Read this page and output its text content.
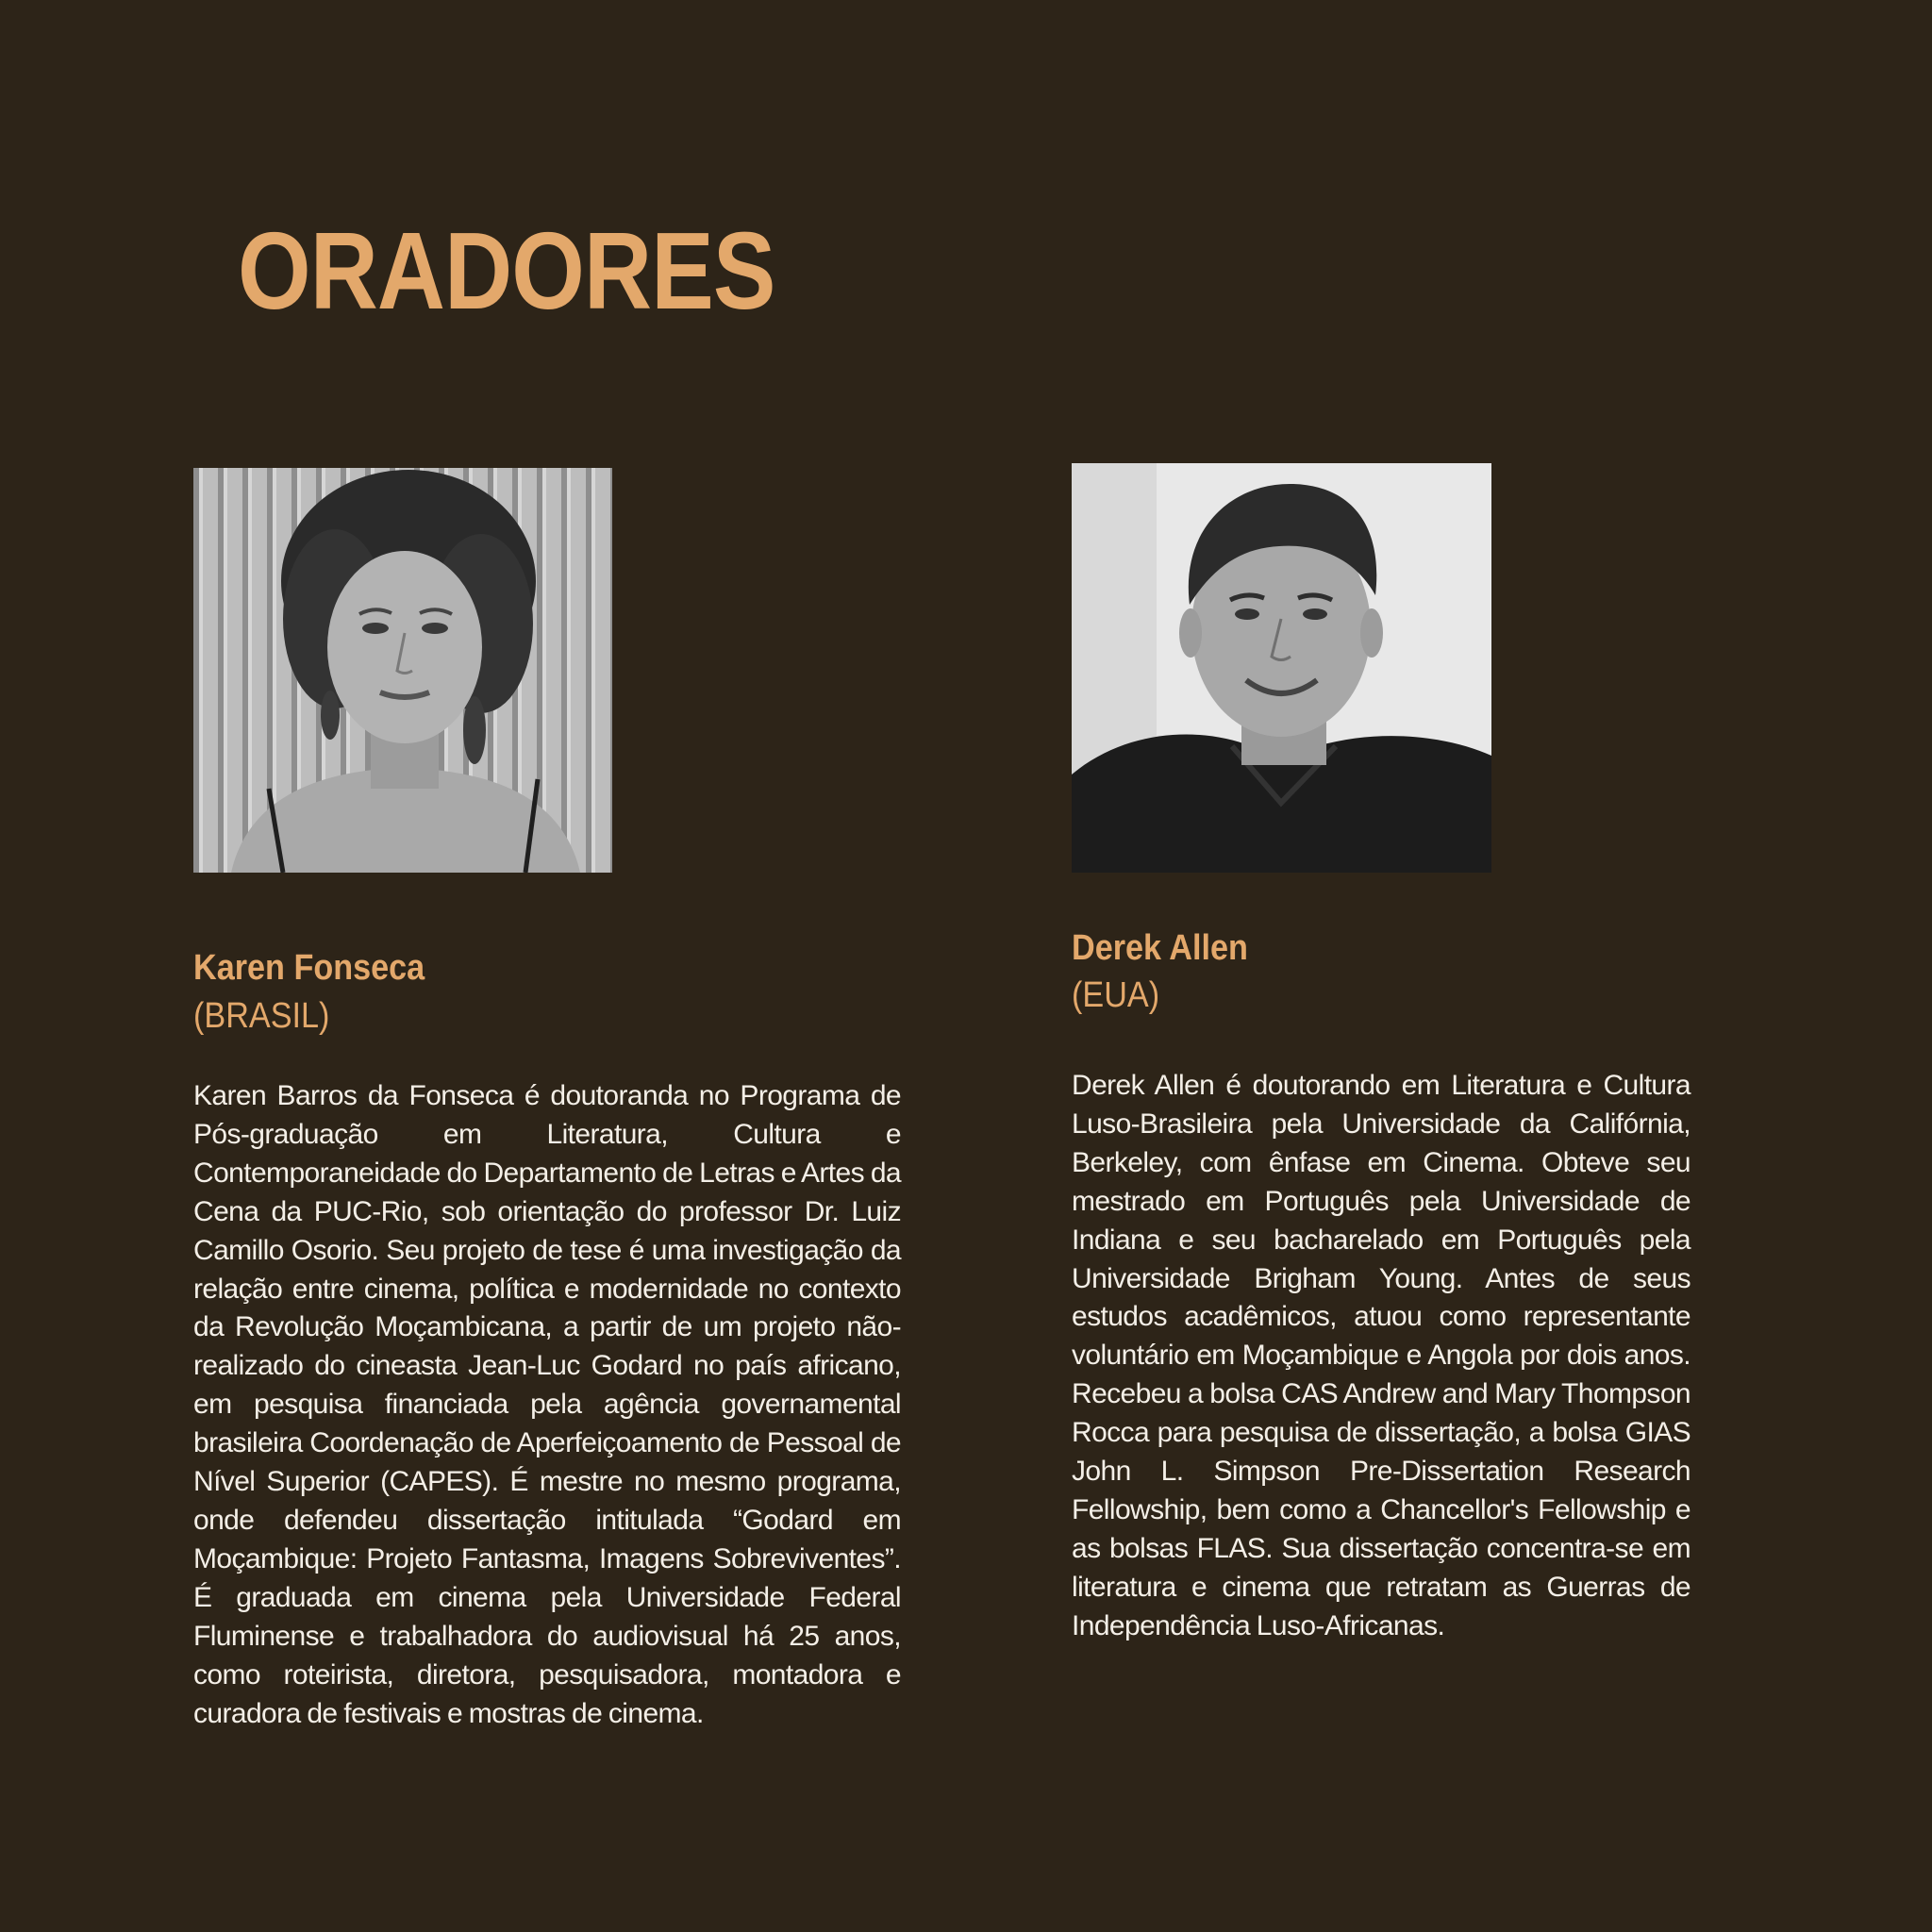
ORADORES

Karen Fonseca

(BRASIL)

Karen Barros da Fonseca é doutoranda no Programa de Pós-graduação em Literatura, Cultura e Contemporaneidade do Departamento de Letras e Artes da Cena da PUC-Rio, sob orientação do professor Dr. Luiz Camillo Osorio. Seu projeto de tese é uma investigação da relação entre cinema, política e modernidade no contexto da Revolução Moçambicana, a partir de um projeto não-realizado do cineasta Jean-Luc Godard no país africano, em pesquisa financiada pela agência governamental brasileira Coordenação de Aperfeiçoamento de Pessoal de Nível Superior (CAPES). É mestre no mesmo programa, onde defendeu dissertação intitulada “Godard em Moçambique: Projeto Fantasma, Imagens Sobreviventes”. É graduada em cinema pela Universidade Federal Fluminense e trabalhadora do audiovisual há 25 anos, como roteirista, diretora, pesquisadora, montadora e curadora de festivais e mostras de cinema.

Derek Allen

(EUA)

Derek Allen é doutorando em Literatura e Cultura Luso-Brasileira pela Universidade da Califórnia, Berkeley, com ênfase em Cinema. Obteve seu mestrado em Português pela Universidade de Indiana e seu bacharelado em Português pela Universidade Brigham Young. Antes de seus estudos acadêmicos, atuou como representante voluntário em Moçambique e Angola por dois anos. Recebeu a bolsa CAS Andrew and Mary Thompson Rocca para pesquisa de dissertação, a bolsa GIAS John L. Simpson Pre-Dissertation Research Fellowship, bem como a Chancellor's Fellowship e as bolsas FLAS. Sua dissertação concentra-se em literatura e cinema que retratam as Guerras de Independência Luso-Africanas.
